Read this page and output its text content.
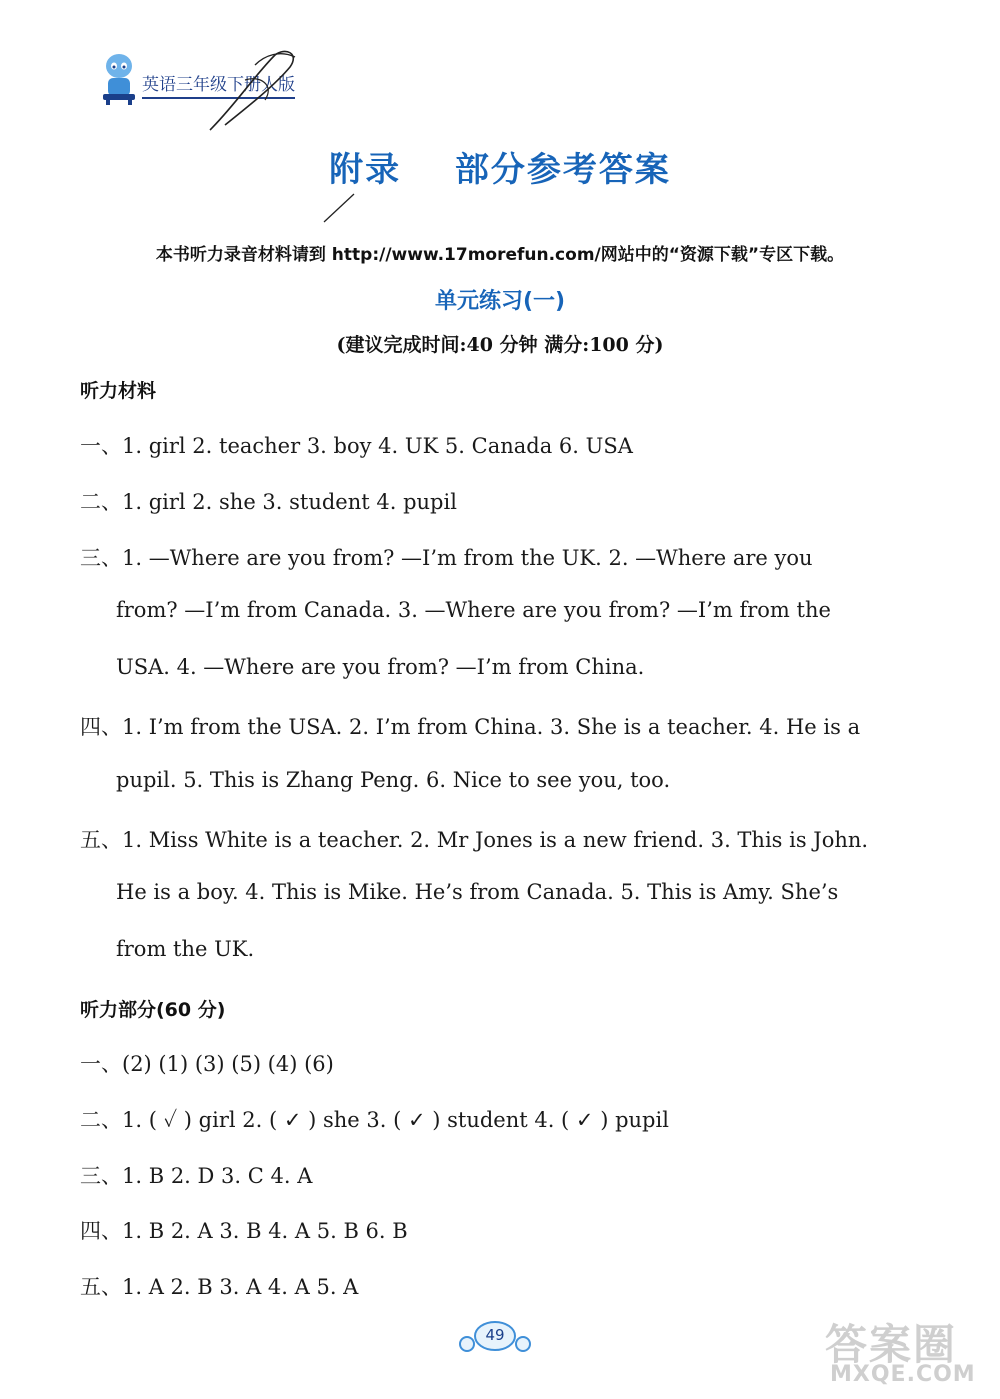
英语三年级下册人版
附录 部分参考答案
本书听力录音材料请到 http://www.17morefun.com/网站中的“资源下载”专区下载。
单元练习(一)
(建议完成时间:40 分钟 满分:100 分)
听力材料
一、1. girl 2. teacher 3. boy 4. UK 5. Canada 6. USA
二、1. girl 2. she 3. student 4. pupil
三、1. —Where are you from? —I’m from the UK. 2. —Where are you
from? —I’m from Canada. 3. —Where are you from? —I’m from the
USA. 4. —Where are you from? —I’m from China.
四、1. I’m from the USA. 2. I’m from China. 3. She is a teacher. 4. He is a
pupil. 5. This is Zhang Peng. 6. Nice to see you, too.
五、1. Miss White is a teacher. 2. Mr Jones is a new friend. 3. This is John.
He is a boy. 4. This is Mike. He’s from Canada. 5. This is Amy. She’s
from the UK.
听力部分(60 分)
一、(2) (1) (3) (5) (4) (6)
二、1. ( ✓ ) girl 2. ( ✓ ) she 3. ( ✓ ) student 4. ( ✓ ) pupil
三、1. B 2. D 3. C 4. A
四、1. B 2. A 3. B 4. A 5. B 6. B
五、1. A 2. B 3. A 4. A 5. A
49	答案圈
MXQE.COM
